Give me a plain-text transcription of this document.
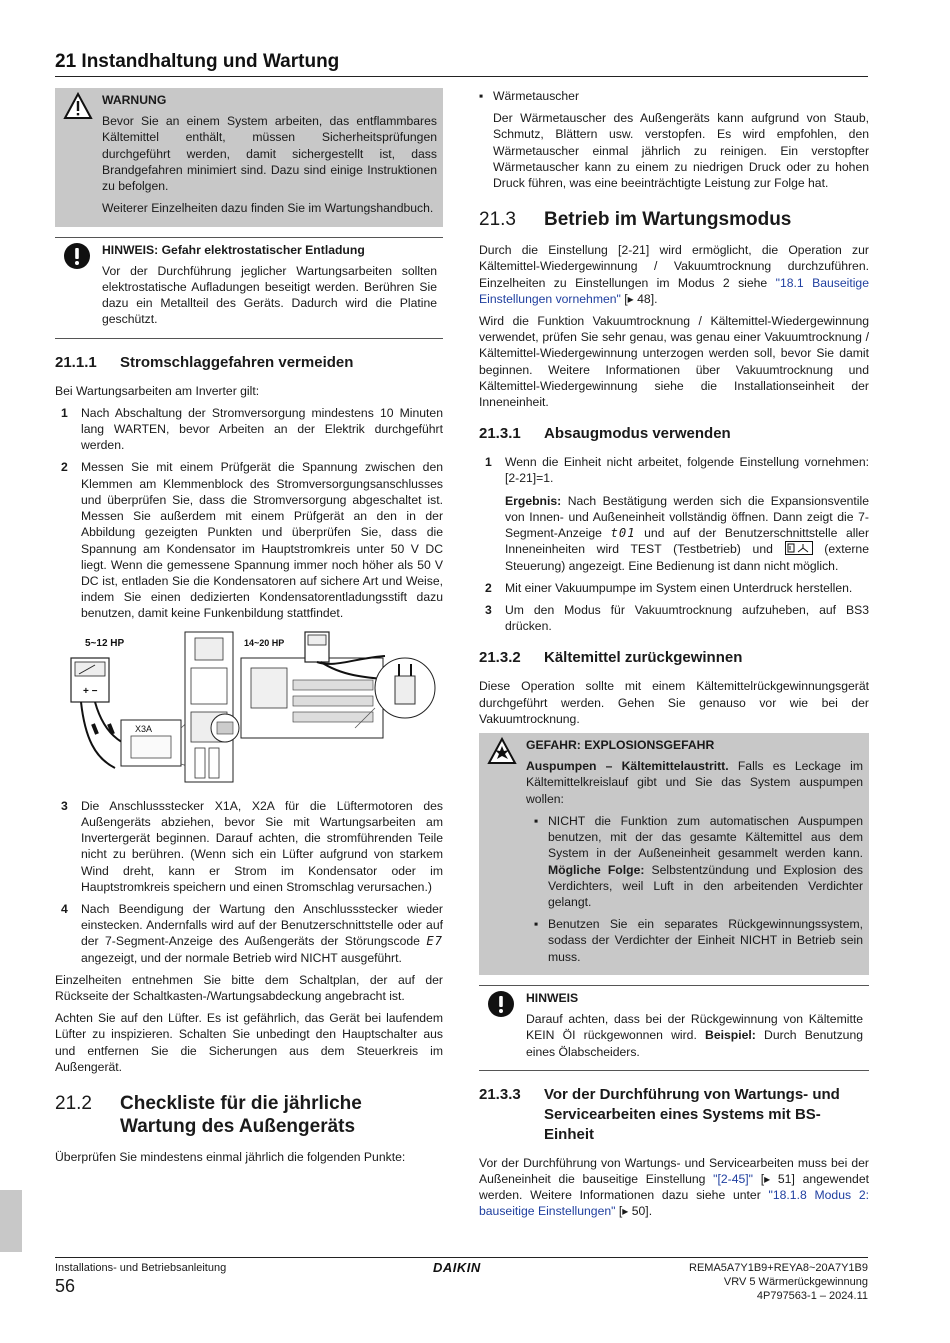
21 Instandhaltung und Wartung
WARNUNG

Bevor Sie an einem System arbeiten, das entflammbares Kältemittel enthält, müssen Sicherheitsprüfungen durchgeführt werden, damit sichergestellt ist, dass Brandgefahren minimiert sind. Dazu sind einige Instruktionen zu befolgen.

Weiterer Einzelheiten dazu finden Sie im Wartungshandbuch.

HINWEIS: Gefahr elektrostatischer Entladung

Vor der Durchführung jeglicher Wartungsarbeiten sollten elektrostatische Aufladungen beseitigt werden. Berühren Sie dazu ein Metallteil des Geräts. Dadurch wird die Platine geschützt.

21.1.1	Stromschlaggefahren vermeiden

Bei Wartungsarbeiten am Inverter gilt:

1	Nach Abschaltung der Stromversorgung mindestens 10 Minuten lang WARTEN, bevor Arbeiten an der Elektrik durchgeführt werden.
2	Messen Sie mit einem Prüfgerät die Spannung zwischen den Klemmen am Klemmenblock des Stromversorgungsanschlusses und überprüfen Sie, dass die Stromversorgung abgeschaltet ist. Messen Sie außerdem mit einem Prüfgerät an den in der Abbildung gezeigten Punkten und überprüfen Sie, dass die Spannung am Kondensator im Hauptstromkreis unter 50 V DC liegt. Wenn die gemessene Spannung immer noch höher als 50 V DC ist, entladen Sie die Kondensatoren auf sichere Art und Weise, indem Sie einen dedizierten Kondensatorentladungsstift dazu benutzen, damit keine Funkenbildung stattfindet.
5~12 HP	14~20 HP
+ −
X3A
3	Die Anschlussstecker X1A, X2A für die Lüftermotoren des Außengeräts abziehen, bevor Sie mit Wartungsarbeiten am Invertergerät beginnen. Darauf achten, die stromführenden Teile nicht zu berühren. (Wenn sich ein Lüfter aufgrund von starkem Wind dreht, kann er Strom im Kondensator oder im Hauptstromkreis speichern und einen Stromschlag verursachen.)
4	Nach Beendigung der Wartung den Anschlussstecker wieder einstecken. Andernfalls wird auf der Benutzerschnittstelle oder auf der 7-Segment-Anzeige des Außengeräts der Störungscode E7 angezeigt, und der normale Betrieb wird NICHT ausgeführt.

Einzelheiten entnehmen Sie bitte dem Schaltplan, der auf der Rückseite der Schaltkasten-/Wartungsabdeckung angebracht ist.

Achten Sie auf den Lüfter. Es ist gefährlich, das Gerät bei laufendem Lüfter zu inspizieren. Schalten Sie unbedingt den Hauptschalter aus und entfernen Sie die Sicherungen aus dem Steuerkreis im Außengerät.

21.2	Checkliste für die jährliche Wartung des Außengeräts

Überprüfen Sie mindestens einmal jährlich die folgenden Punkte:

▪ Wärmetauscher

Der Wärmetauscher des Außengeräts kann aufgrund von Staub, Schmutz, Blättern usw. verstopfen. Es wird empfohlen, den Wärmetauscher einmal jährlich zu reinigen. Ein verstopfter Wärmetauscher kann zu einem zu niedrigen Druck oder zu hohen Druck führen, was eine beeinträchtigte Leistung zur Folge hat.

21.3	Betrieb im Wartungsmodus

Durch die Einstellung [2-21] wird ermöglicht, die Operation zur Kältemittel-Wiedergewinnung / Vakuumtrocknung durchzuführen. Einzelheiten zu Einstellungen im Modus 2 siehe "18.1 Bauseitige Einstellungen vornehmen" [▸ 48].

Wird die Funktion Vakuumtrocknung / Kältemittel-Wiedergewinnung verwendet, prüfen Sie sehr genau, was genau einer Vakuumtrocknung / Kältemittel-Wiedergewinnung unterzogen werden soll, bevor Sie damit beginnen. Weitere Informationen über Vakuumtrocknung und Kältemittel-Wiedergewinnung siehe die Installationseinheit der Inneneinheit.

21.3.1	Absaugmodus verwenden
1	Wenn die Einheit nicht arbeitet, folgende Einstellung vornehmen: [2-21]=1.
Ergebnis: Nach Bestätigung werden sich die Expansionsventile von Innen- und Außeneinheit vollständig öffnen. Dann zeigt die 7-Segment-Anzeige t01 und auf der Benutzerschnittstelle aller Inneneinheiten wird TEST (Testbetrieb) und	(externe Steuerung) angezeigt. Eine Bedienung ist dann nicht möglich.
2	Mit einer Vakuumpumpe im System einen Unterdruck herstellen.
3	Um den Modus für Vakuumtrocknung aufzuheben, auf BS3 drücken.
21.3.2	Kältemittel zurückgewinnen

Diese Operation sollte mit einem Kältemittelrückgewinnungsgerät durchgeführt werden. Gehen Sie genauso vor wie bei der Vakuumtrocknung.

GEFAHR: EXPLOSIONSGEFAHR

Auspumpen – Kältemittelaustritt. Falls es Leckage im Kältemittelkreislauf gibt und Sie das System auspumpen wollen:

▪ NICHT die Funktion zum automatischen Auspumpen benutzen, mit der das gesamte Kältemittel aus dem System in der Außeneinheit gesammelt werden kann. Mögliche Folge: Selbstentzündung und Explosion des Verdichters, weil Luft in den arbeitenden Verdichter gelangt.
▪ Benutzen Sie ein separates Rückgewinnungssystem, sodass der Verdichter der Einheit NICHT in Betrieb sein muss.
HINWEIS

Darauf achten, dass bei der Rückgewinnung von Kältemitte KEIN ÖI rückgewonnen wird. Beispiel: Durch Benutzung eines Ölabscheiders.

21.3.3	Vor der Durchführung von Wartungs- und Servicearbeiten eines Systems mit BS-Einheit

Vor der Durchführung von Wartungs- und Servicearbeiten muss bei der Außeneinheit die bauseitige Einstellung "[2-45]" [▸ 51] angewendet werden. Weitere Informationen dazu siehe unter "18.1.8 Modus 2: bauseitige Einstellungen" [▸ 50].

Installations- und Betriebsanleitung
56
DAIKIN	REMA5A7Y1B9+REYA8~20A7Y1B9
VRV 5 Wärmerückgewinnung
4P797563-1 – 2024.11
